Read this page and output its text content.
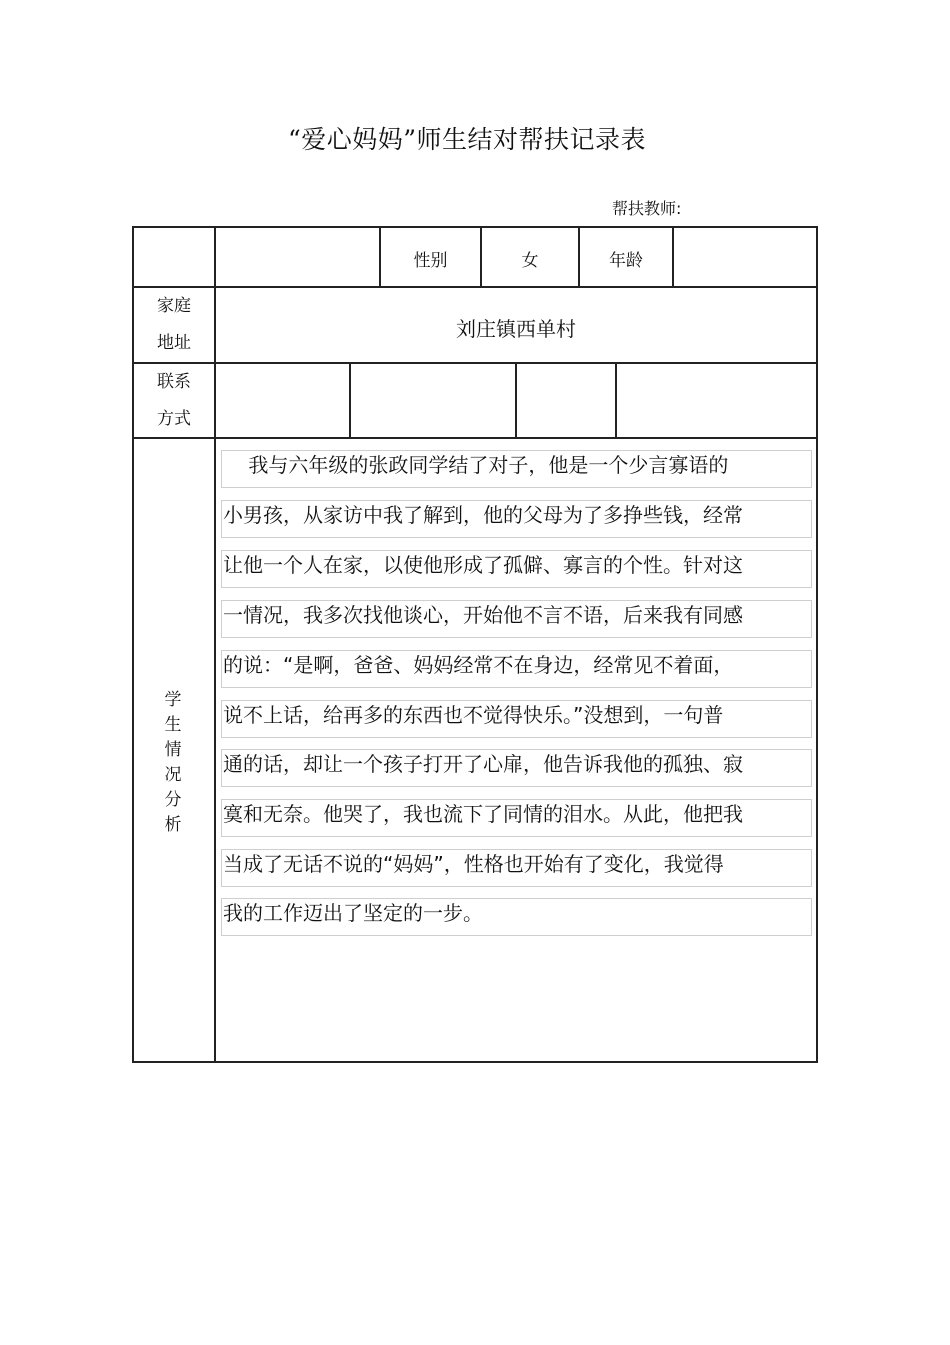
“爱心妈妈”师生结对帮扶记录表
帮扶教师:
性别	女	年龄
家庭
地址
刘庄镇西单村
联系
方式
学
生
情
况
分
析
我与六年级的张政同学结了对子，他是一个少言寡语的
小男孩，从家访中我了解到，他的父母为了多挣些钱，经常
让他一个人在家，以使他形成了孤僻、寡言的个性。针对这
一情况，我多次找他谈心，开始他不言不语，后来我有同感
的说：“是啊，爸爸、妈妈经常不在身边，经常见不着面，
说不上话，给再多的东西也不觉得快乐。”没想到，一句普
通的话，却让一个孩子打开了心扉，他告诉我他的孤独、寂
寞和无奈。他哭了，我也流下了同情的泪水。从此，他把我
当成了无话不说的“妈妈”，性格也开始有了变化，我觉得
我的工作迈出了坚定的一步。
